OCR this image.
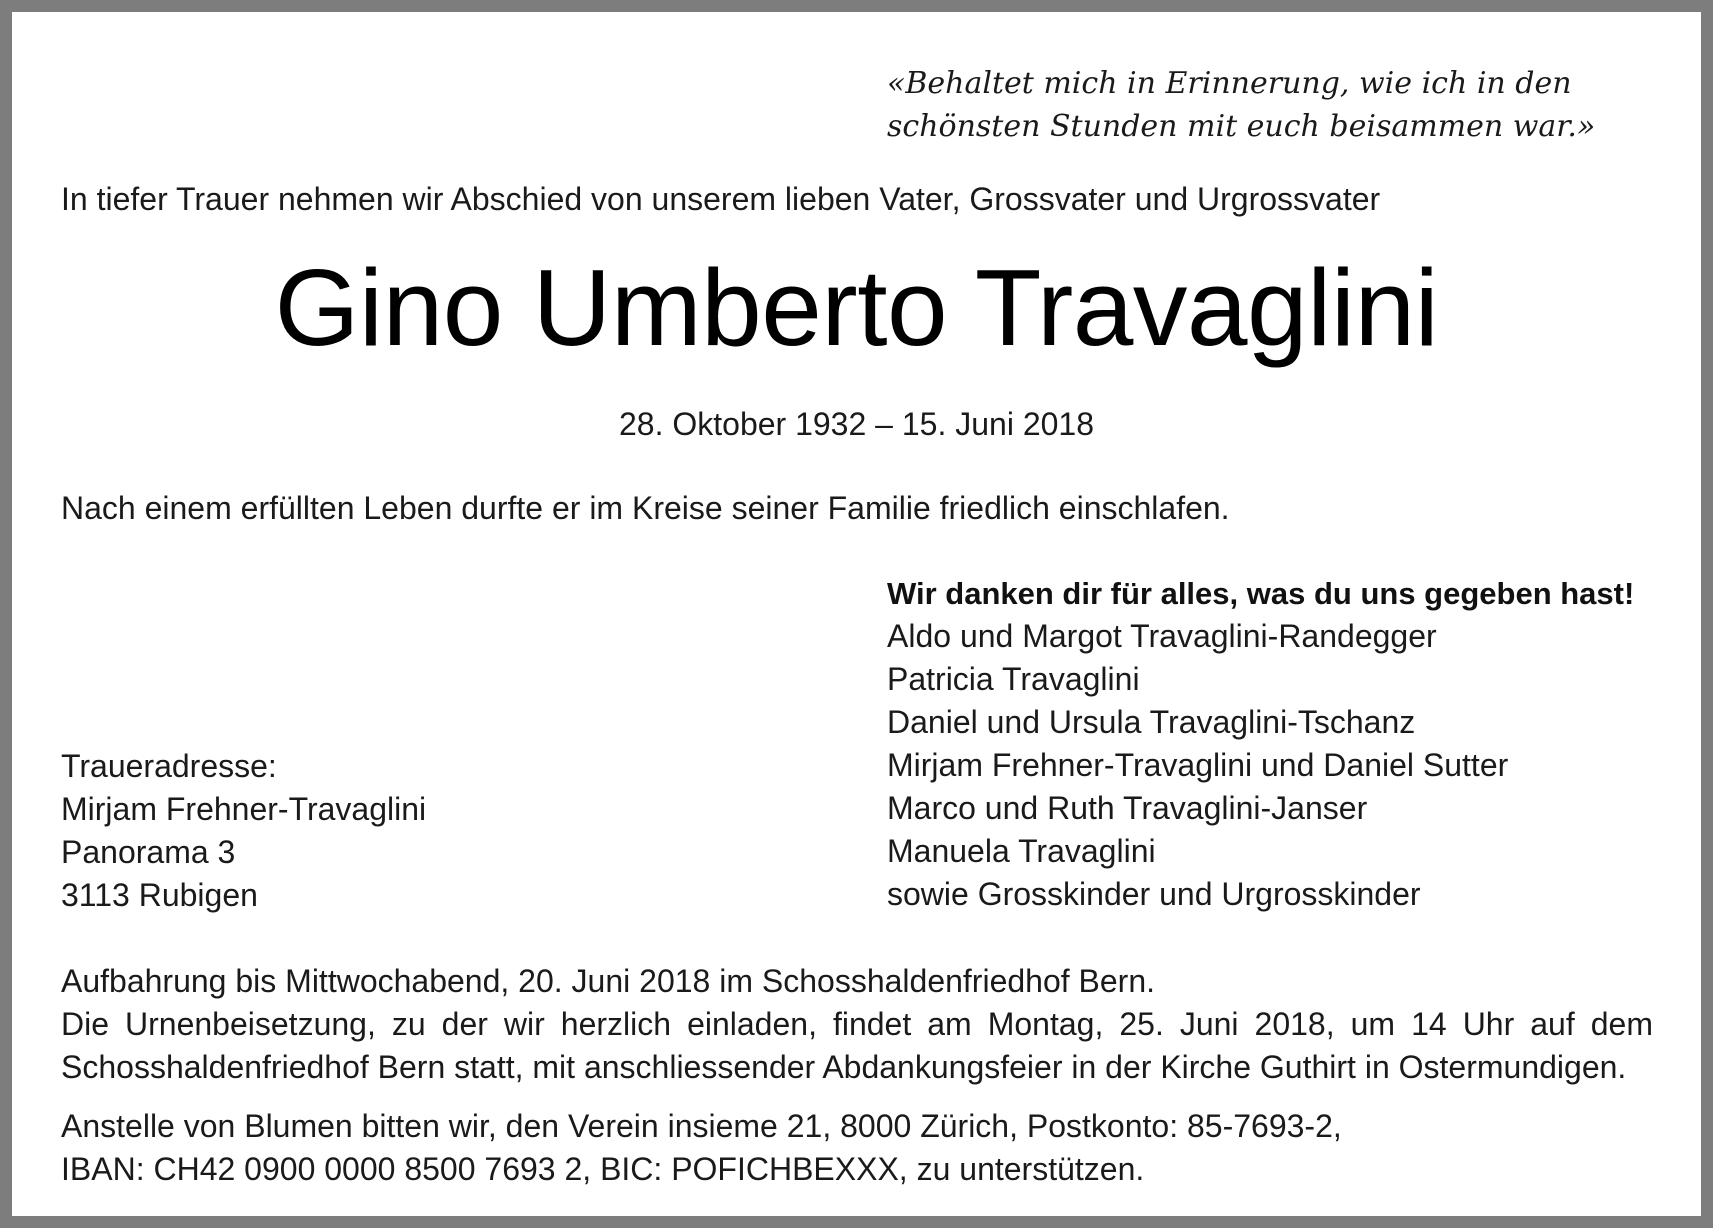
«Behaltet mich in Erinnerung, wie ich in den
schönsten Stunden mit euch beisammen war.»

In tiefer Trauer nehmen wir Abschied von unserem lieben Vater, Grossvater und Urgrossvater

Gino Umberto Travaglini

28. Oktober 1932 – 15. Juni 2018

Nach einem erfüllten Leben durfte er im Kreise seiner Familie friedlich einschlafen.

Wir danken dir für alles, was du uns gegeben hast!
Aldo und Margot Travaglini-Randegger
Patricia Travaglini
Daniel und Ursula Travaglini-Tschanz
Mirjam Frehner-Travaglini und Daniel Sutter
Marco und Ruth Travaglini-Janser
Manuela Travaglini
sowie Grosskinder und Urgrosskinder
Traueradresse:
Mirjam Frehner-Travaglini
Panorama 3
3113 Rubigen

Aufbahrung bis Mittwochabend, 20. Juni 2018 im Schosshaldenfriedhof Bern.

Die Urnenbeisetzung, zu der wir herzlich einladen, findet am Montag, 25. Juni 2018, um 14 Uhr auf dem Schosshaldenfriedhof Bern statt, mit anschliessender Abdankungsfeier in der Kirche Guthirt in Ostermundigen.

Anstelle von Blumen bitten wir, den Verein insieme 21, 8000 Zürich, Postkonto: 85-7693-2,
IBAN: CH42 0900 0000 8500 7693 2, BIC: POFICHBEXXX, zu unterstützen.
